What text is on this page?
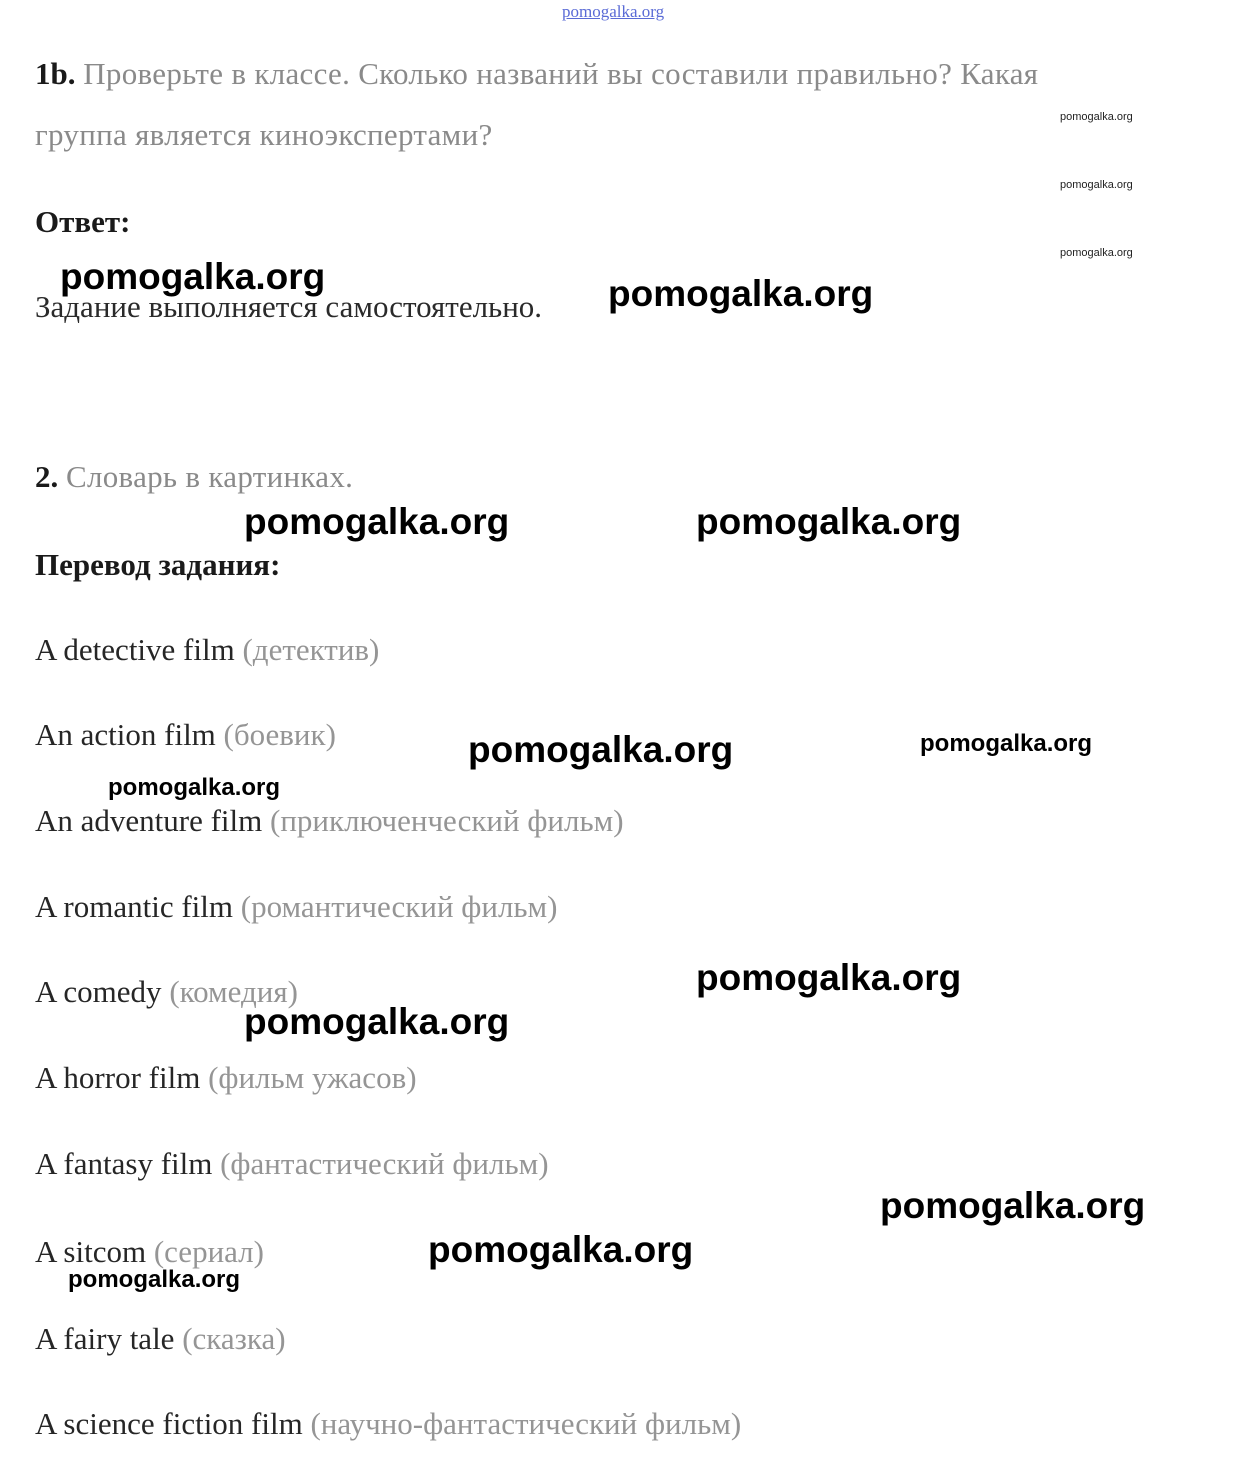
pomogalka.org
1b. Проверьте в классе. Сколько названий вы составили правильно? Какая
группа является киноэкспертами?
Ответ:
Задание выполняется самостоятельно.
2. Словарь в картинках.
Перевод задания:
A detective film (детектив)
An action film (боевик)
An adventure film (приключенческий фильм)
A romantic film (романтический фильм)
A comedy (комедия)
A horror film (фильм ужасов)
A fantasy film (фантастический фильм)
A sitcom (сериал)
A fairy tale (сказка)
A science fiction film (научно-фантастический фильм)
pomogalka.org
pomogalka.org
pomogalka.org
pomogalka.org	pomogalka.org
pomogalka.org	pomogalka.org
pomogalka.org	pomogalka.org
pomogalka.org
pomogalka.org
pomogalka.org
pomogalka.org
pomogalka.org
pomogalka.org
